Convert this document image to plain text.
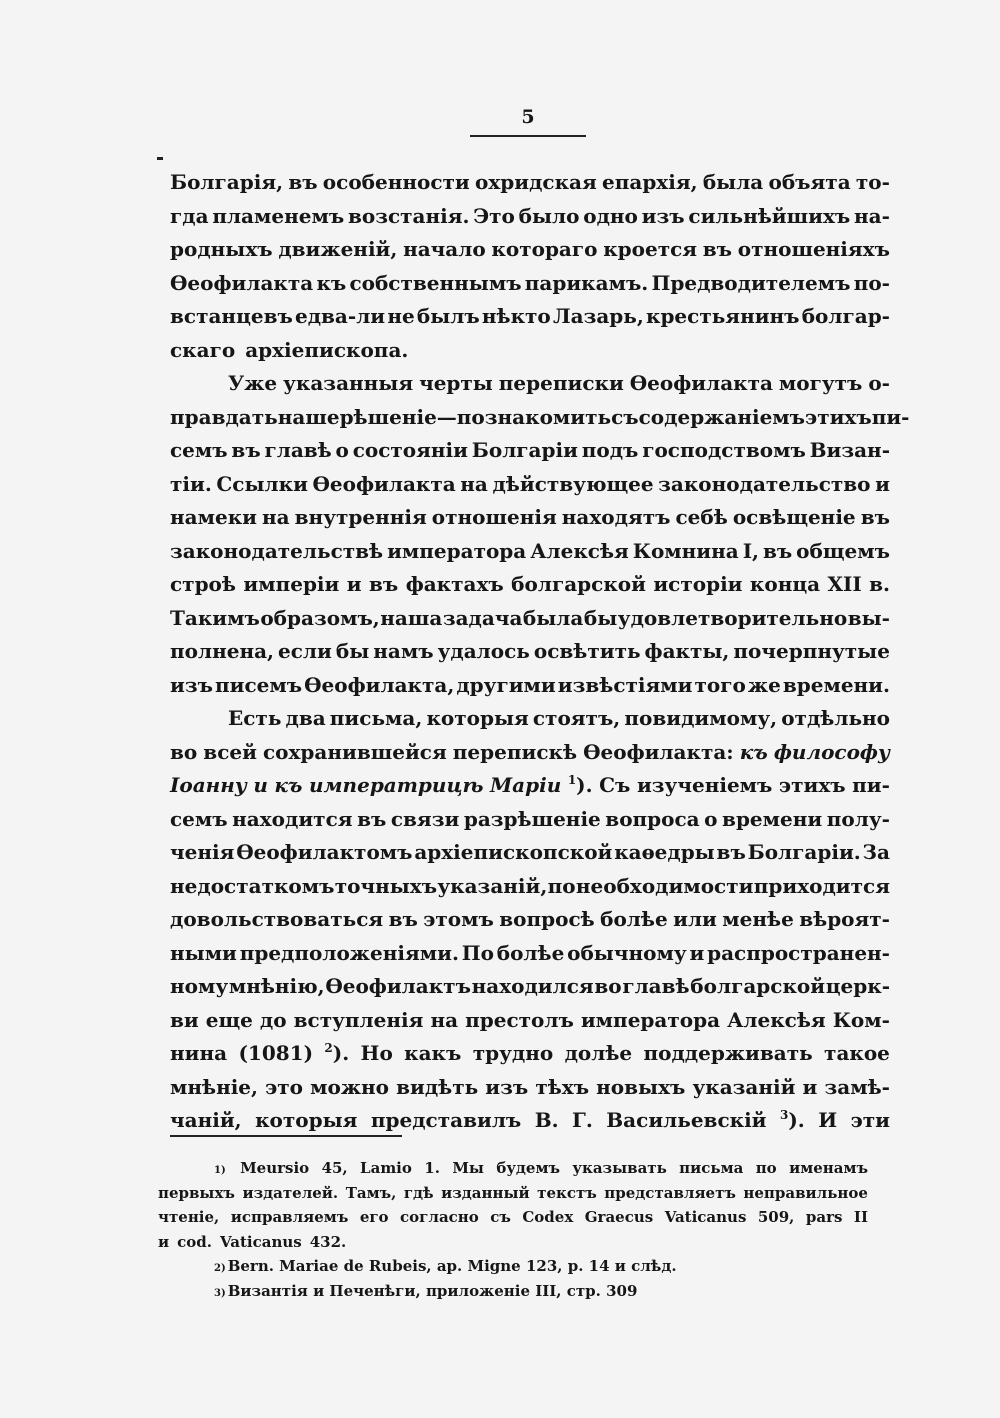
5
Болгарія, въ особенности охридская епархія, была объята то-
гда пламенемъ возстанія. Это было одно изъ сильнѣйшихъ на-
родныхъ движеній, начало котораго кроется въ отношеніяхъ
Ѳеофилакта къ собственнымъ парикамъ. Предводителемъ по-
встанцевъ едва-ли не былъ нѣкто Лазарь, крестьянинъ болгар-
скаго архіепископа.
Уже указанныя черты переписки Ѳеофилакта могутъ о-
правдать наше рѣшеніе—познакомить съ содержаніемъ этихъ пи-
семъ въ главѣ о состояніи Болгаріи подъ господствомъ Визан-
тіи. Ссылки Ѳеофилакта на дѣйствующее законодательство и
намеки на внутреннія отношенія находятъ себѣ освѣщеніе въ
законодательствѣ императора Алексѣя Комнина I, въ общемъ
строѣ имперіи и въ фактахъ болгарской исторіи конца XII в.
Такимъ образомъ, наша задача была бы удовлетворительно вы-
полнена, если бы намъ удалось освѣтить факты, почерпнутые
изъ писемъ Ѳеофилакта, другими извѣстіями того же времени.
Есть два письма, которыя стоятъ, повидимому, отдѣльно
во всей сохранившейся перепискѣ Ѳеофилакта: къ философу
Іоанну и къ императрицѣ Маріи 1). Съ изученіемъ этихъ пи-
семъ находится въ связи разрѣшеніе вопроса о времени полу-
ченія Ѳеофилактомъ архіепископской каѳедры въ Болгаріи. За
недостаткомъ точныхъ указаній, по необходимости приходится
довольствоваться въ этомъ вопросѣ болѣе или менѣе вѣроят-
ными предположеніями. По болѣе обычному и распространен-
ному мнѣнію, Ѳеофилактъ находился во главѣ болгарской церк-
ви еще до вступленія на престолъ императора Алексѣя Ком-
нина (1081) 2). Но какъ трудно долѣе поддерживать такое
мнѣніе, это можно видѣть изъ тѣхъ новыхъ указаній и замѣ-
чаній, которыя представилъ В. Г. Васильевскій 3). И эти
1) Meursio 45, Lamio 1. Мы будемъ указывать письма по именамъ
первыхъ издателей. Тамъ, гдѣ изданный текстъ представляетъ неправильное
чтеніе, исправляемъ его согласно съ Codex Graecus Vaticanus 509, pars II
и cod. Vaticanus 432.
2) Bern. Mariae de Rubeis, ap. Migne 123, p. 14 и слѣд.
3) Византія и Печенѣги, приложеніе III, стр. 309
